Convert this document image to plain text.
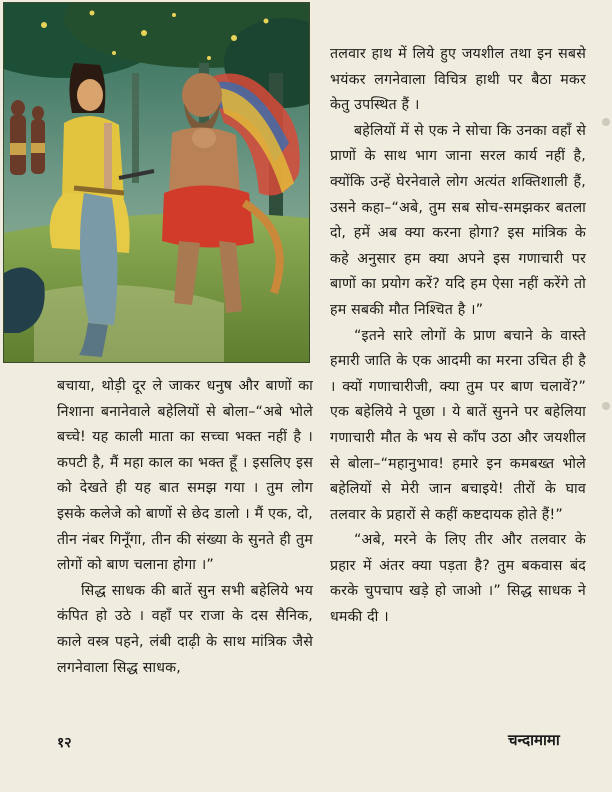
तलवार हाथ में लिये हुए जयशील तथा इन सबसे भयंकर लगनेवाला विचित्र हाथी पर बैठा मकर केतु उपस्थित हैं ।

बहेलियों में से एक ने सोचा कि उनका वहाँ से प्राणों के साथ भाग जाना सरल कार्य नहीं है, क्योंकि उन्हें घेरनेवाले लोग अत्यंत शक्तिशाली हैं, उसने कहा–“अबे, तुम सब सोच-समझकर बतला दो, हमें अब क्या करना होगा? इस मांत्रिक के कहे अनुसार हम क्या अपने इस गणाचारी पर बाणों का प्रयोग करें? यदि हम ऐसा नहीं करेंगे तो हम सबकी मौत निश्चित है ।”

“इतने सारे लोगों के प्राण बचाने के वास्ते हमारी जाति के एक आदमी का मरना उचित ही है । क्यों गणाचारीजी, क्या तुम पर बाण चलावें?” एक बहेलिये ने पूछा । ये बातें सुनने पर बहेलिया गणाचारी मौत के भय से काँप उठा और जयशील से बोला–“महानुभाव! हमारे इन कमबख्त भोले बहेलियों से मेरी जान बचाइये! तीरों के घाव तलवार के प्रहारों से कहीं कष्टदायक होते हैं!”

“अबे, मरने के लिए तीर और तलवार के प्रहार में अंतर क्या पड़ता है? तुम बकवास बंद करके चुपचाप खड़े हो जाओ ।” सिद्ध साधक ने धमकी दी ।

बचाया, थोड़ी दूर ले जाकर धनुष और बाणों का निशाना बनानेवाले बहेलियों से बोला–“अबे भोले बच्चे! यह काली माता का सच्चा भक्त नहीं है । कपटी है, मैं महा काल का भक्त हूँ । इसलिए इस को देखते ही यह बात समझ गया । तुम लोग इसके कलेजे को बाणों से छेद डालो । मैं एक, दो, तीन नंबर गिनूँगा, तीन की संख्या के सुनते ही तुम लोगों को बाण चलाना होगा ।”

सिद्ध साधक की बातें सुन सभी बहेलिये भय कंपित हो उठे । वहाँ पर राजा के दस सैनिक, काले वस्त्र पहने, लंबी दाढ़ी के साथ मांत्रिक जैसे लगनेवाला सिद्ध साधक,

१२	चन्दामामा
